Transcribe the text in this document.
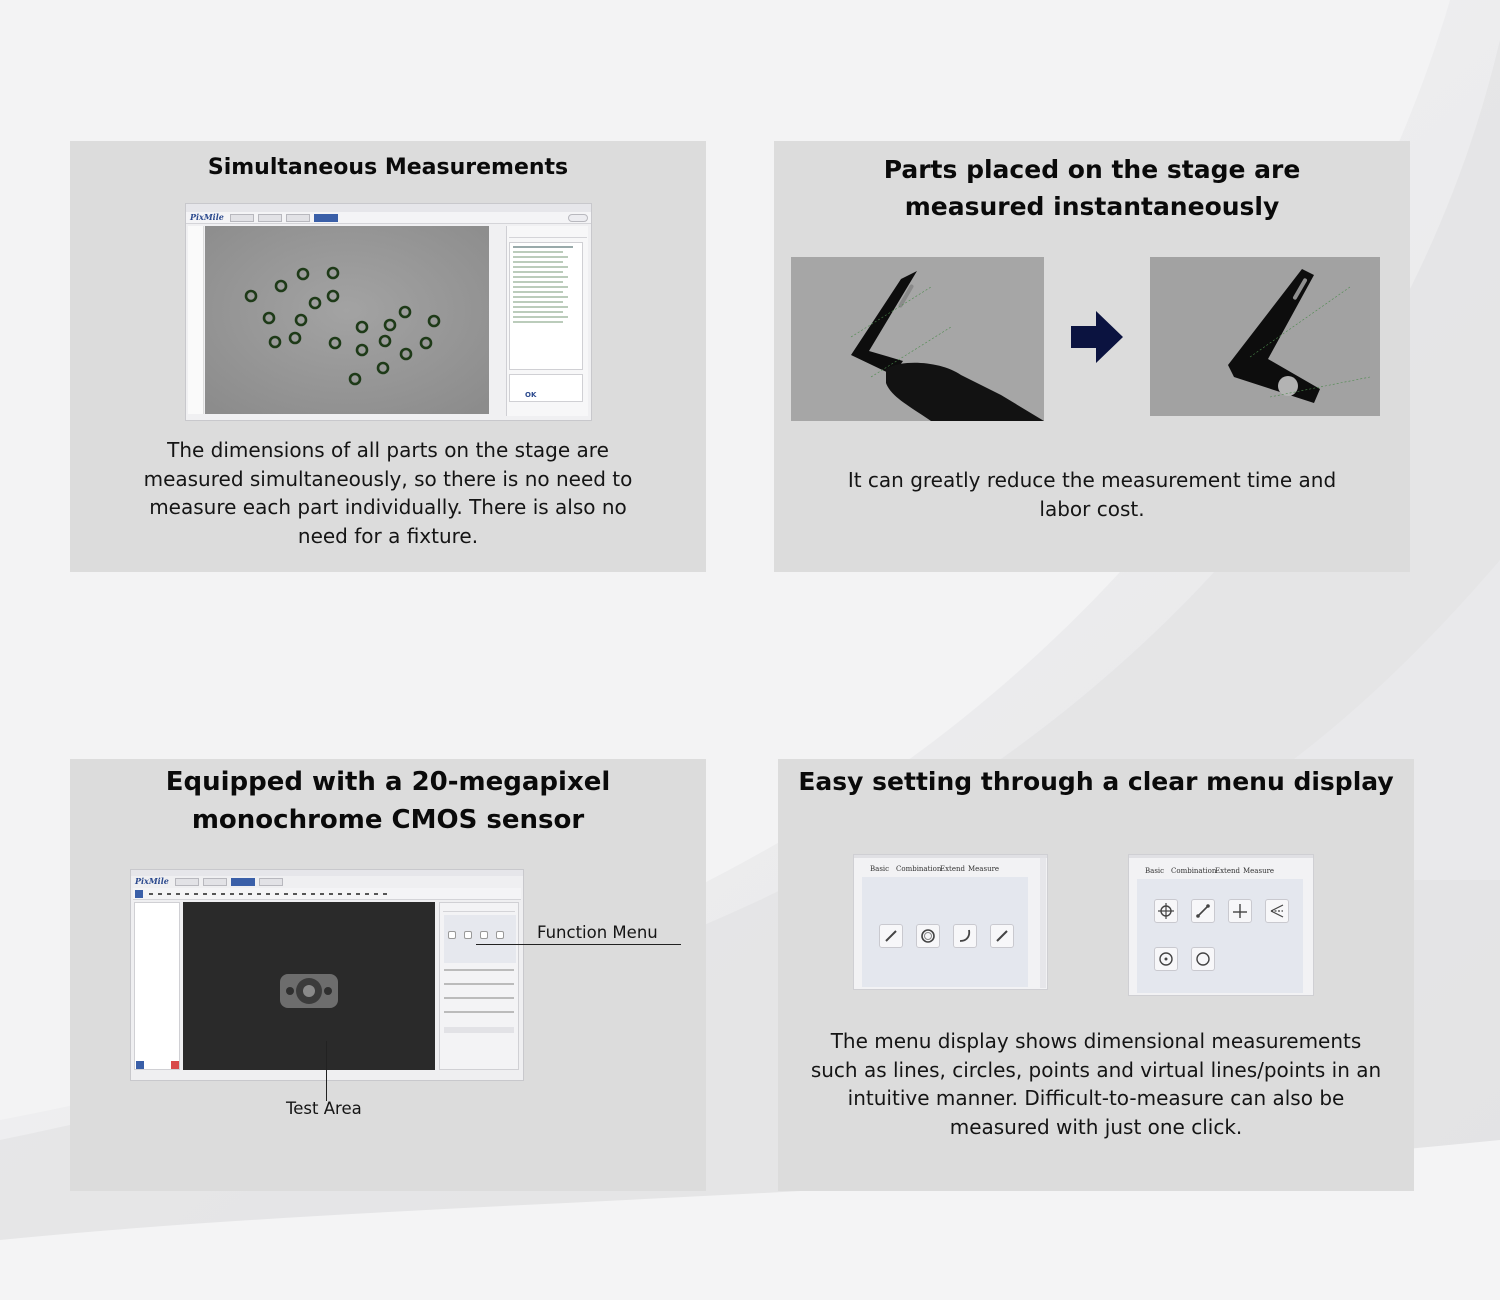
Simultaneous Measurements
PixMile
OK
The dimensions of all parts on the stage are measured simultaneously, so there is no need to measure each part individually. There is also no need for a fixture.
Parts placed on the stage are
measured instantaneously
It can greatly reduce the measurement time and labor cost.
Equipped with a 20-megapixel
monochrome CMOS sensor
PixMile
Function Menu
Test Area
Easy setting through a clear menu display
Basic Combination
Extend Measure	Basic Combination
Extend Measure
The menu display shows dimensional measurements such as lines, circles, points and virtual lines/points in an intuitive manner. Difficult-to-measure can also be measured with just one click.
